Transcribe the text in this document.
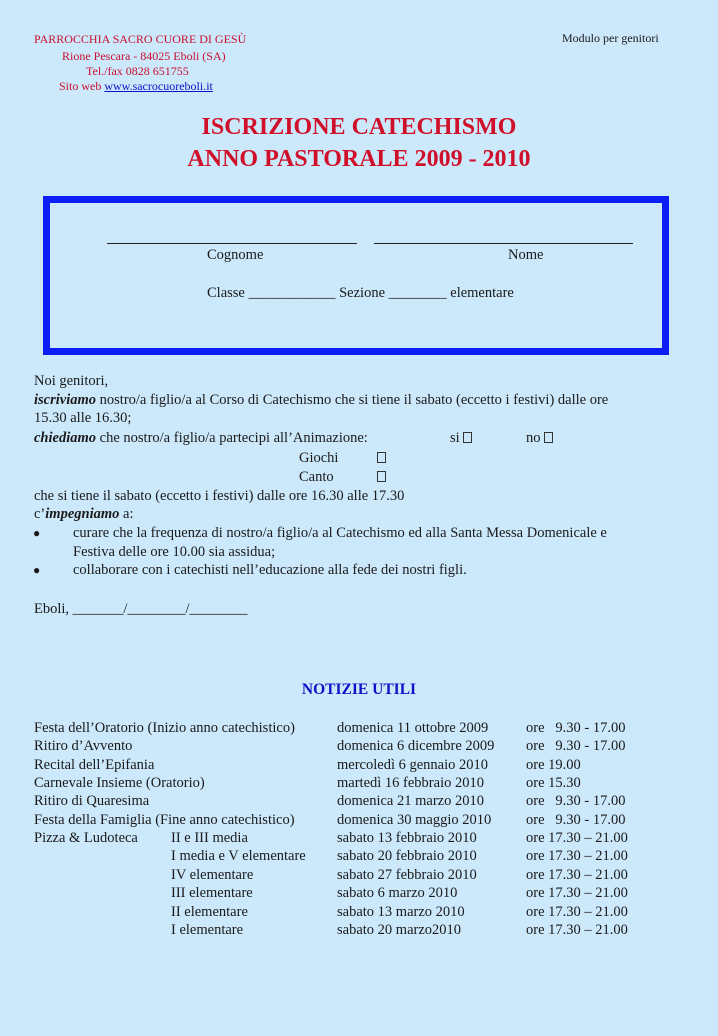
PARROCCHIA SACRO CUORE DI GESÙ
Rione Pescara - 84025 Eboli (SA)
Tel./fax 0828 651755
Sito web www.sacrocuoreboli.it
Modulo per genitori
ISCRIZIONE CATECHISMO
ANNO PASTORALE 2009 - 2010
Cognome	Nome
Classe ____________ Sezione ________ elementare
Noi genitori,
iscriviamo nostro/a figlio/a al Corso di Catechismo che si tiene il sabato (eccetto i festivi) dalle ore
15.30 alle 16.30;
chiediamo che nostro/a figlio/a partecipi all’Animazione:	si	no
Giochi
Canto
che si tiene il sabato (eccetto i festivi) dalle ore 16.30 alle 17.30
c’impegniamo a:
● curare che la frequenza di nostro/a figlio/a al Catechismo ed alla Santa Messa Domenicale e
Festiva delle ore 10.00 sia assidua;
● collaborare con i catechisti nell’educazione alla fede dei nostri figli.
Eboli, _______/________/________
NOTIZIE UTILI
Festa dell’Oratorio (Inizio anno catechistico)	domenica 11 ottobre 2009	ore   9.30 - 17.00
Ritiro d’Avvento	domenica 6 dicembre 2009 ore   9.30 - 17.00
Recital dell’Epifania	mercoledì 6 gennaio 2010	ore 19.00
Carnevale Insieme (Oratorio)	martedì 16 febbraio 2010	ore 15.30
Ritiro di Quaresima	domenica 21 marzo 2010	ore   9.30 - 17.00
Festa della Famiglia (Fine anno catechistico)	domenica 30 maggio 2010 ore   9.30 - 17.00
Pizza & Ludoteca II e III media	sabato 13 febbraio 2010	ore 17.30 – 21.00
I media e V elementare sabato 20 febbraio 2010	ore 17.30 – 21.00
IV elementare	sabato 27 febbraio 2010	ore 17.30 – 21.00
III elementare	sabato 6 marzo 2010	ore 17.30 – 21.00
II elementare	sabato 13 marzo 2010	ore 17.30 – 21.00
I elementare	sabato 20 marzo2010	ore 17.30 – 21.00
